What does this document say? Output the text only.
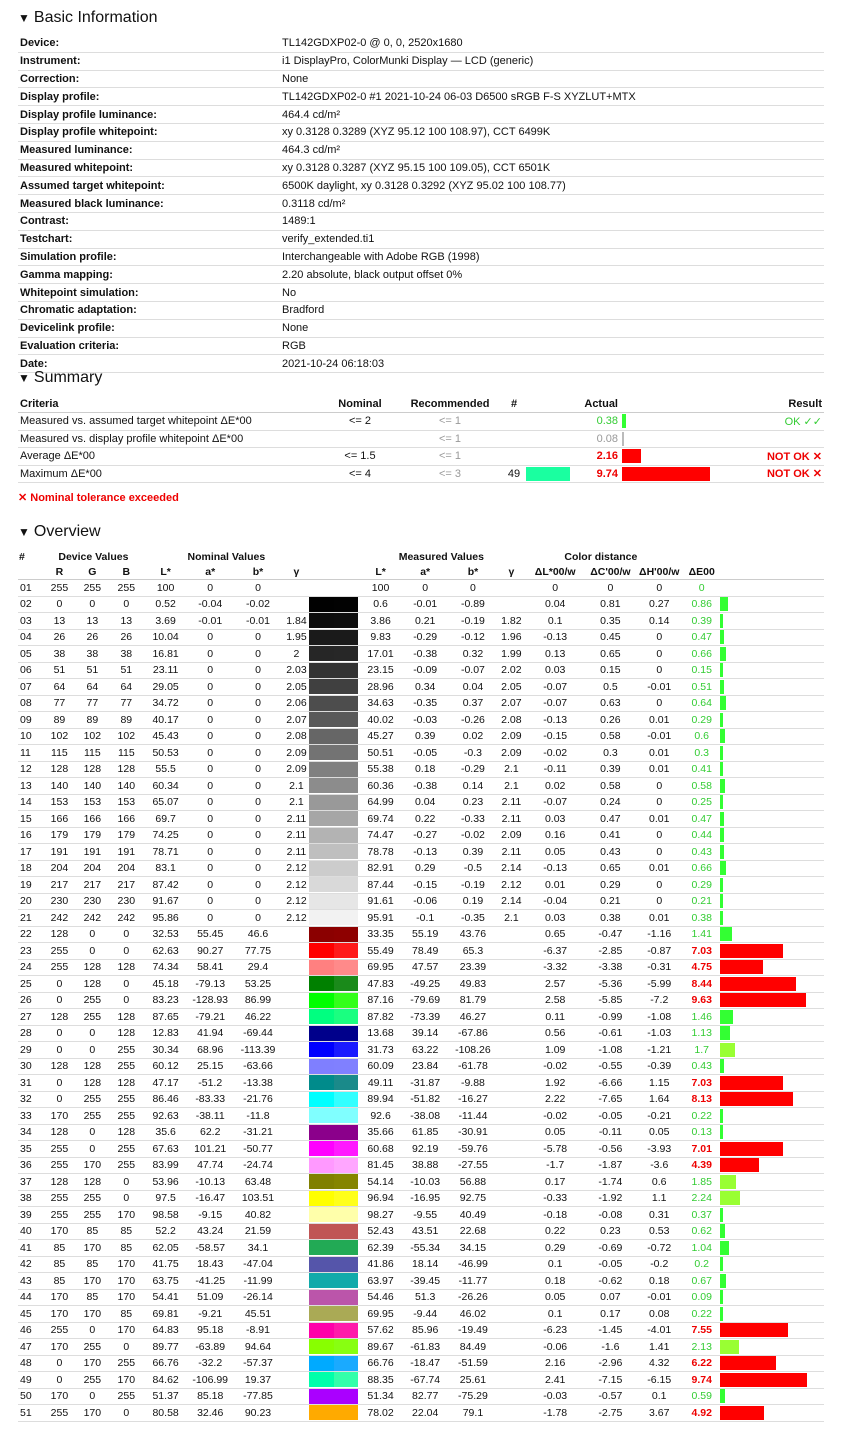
▼ Basic Information
Device:	TL142GDXP02-0 @ 0, 0, 2520x1680
Instrument:	i1 DisplayPro, ColorMunki Display — LCD (generic)
Correction:	None
Display profile:	TL142GDXP02-0 #1 2021-10-24 06-03 D6500 sRGB F-S XYZLUT+MTX
Display profile luminance:	464.4 cd/m²
Display profile whitepoint:	xy 0.3128 0.3289 (XYZ 95.12 100 108.97), CCT 6499K
Measured luminance:	464.3 cd/m²
Measured whitepoint:	xy 0.3128 0.3287 (XYZ 95.15 100 109.05), CCT 6501K
Assumed target whitepoint:	6500K daylight, xy 0.3128 0.3292 (XYZ 95.02 100 108.77)
Measured black luminance:	0.3118 cd/m²
Contrast:	1489:1
Testchart:	verify_extended.ti1
Simulation profile:	Interchangeable with Adobe RGB (1998)
Gamma mapping:	2.20 absolute, black output offset 0%
Whitepoint simulation:	No
Chromatic adaptation:	Bradford
Devicelink profile:	None
Evaluation criteria:	RGB
Date:	2021-10-24 06:18:03
▼ Summary
Criteria	Nominal	Recommended	#		Actual		Result
Measured vs. assumed target whitepoint ΔE*00	<= 2	<= 1			0.38		OK ✓✓
Measured vs. display profile whitepoint ΔE*00		<= 1			0.08		
Average ΔE*00	<= 1.5	<= 1			2.16		NOT OK ✕
Maximum ΔE*00	<= 4	<= 3	49		9.74		NOT OK ✕
✕ Nominal tolerance exceeded
▼ Overview
#	Device Values			Nominal Values					Measured Values				Color distance				
	R	G	B	L*	a*	b*	γ		L*	a*	b*	γ	ΔL*00/w	ΔC'00/w	ΔH'00/w	ΔE00	
01	255	255	255	100	0	0			100	0	0		0	0	0	0	
02	0	0	0	0.52	-0.04	-0.02			0.6	-0.01	-0.89		0.04	0.81	0.27	0.86	
03	13	13	13	3.69	-0.01	-0.01	1.84		3.86	0.21	-0.19	1.82	0.1	0.35	0.14	0.39	
04	26	26	26	10.04	0	0	1.95		9.83	-0.29	-0.12	1.96	-0.13	0.45	0	0.47	
05	38	38	38	16.81	0	0	2		17.01	-0.38	0.32	1.99	0.13	0.65	0	0.66	
06	51	51	51	23.11	0	0	2.03		23.15	-0.09	-0.07	2.02	0.03	0.15	0	0.15	
07	64	64	64	29.05	0	0	2.05		28.96	0.34	0.04	2.05	-0.07	0.5	-0.01	0.51	
08	77	77	77	34.72	0	0	2.06		34.63	-0.35	0.37	2.07	-0.07	0.63	0	0.64	
09	89	89	89	40.17	0	0	2.07		40.02	-0.03	-0.26	2.08	-0.13	0.26	0.01	0.29	
10	102	102	102	45.43	0	0	2.08		45.27	0.39	0.02	2.09	-0.15	0.58	-0.01	0.6	
11	115	115	115	50.53	0	0	2.09		50.51	-0.05	-0.3	2.09	-0.02	0.3	0.01	0.3	
12	128	128	128	55.5	0	0	2.09		55.38	0.18	-0.29	2.1	-0.11	0.39	0.01	0.41	
13	140	140	140	60.34	0	0	2.1		60.36	-0.38	0.14	2.1	0.02	0.58	0	0.58	
14	153	153	153	65.07	0	0	2.1		64.99	0.04	0.23	2.11	-0.07	0.24	0	0.25	
15	166	166	166	69.7	0	0	2.11		69.74	0.22	-0.33	2.11	0.03	0.47	0.01	0.47	
16	179	179	179	74.25	0	0	2.11		74.47	-0.27	-0.02	2.09	0.16	0.41	0	0.44	
17	191	191	191	78.71	0	0	2.11		78.78	-0.13	0.39	2.11	0.05	0.43	0	0.43	
18	204	204	204	83.1	0	0	2.12		82.91	0.29	-0.5	2.14	-0.13	0.65	0.01	0.66	
19	217	217	217	87.42	0	0	2.12		87.44	-0.15	-0.19	2.12	0.01	0.29	0	0.29	
20	230	230	230	91.67	0	0	2.12		91.61	-0.06	0.19	2.14	-0.04	0.21	0	0.21	
21	242	242	242	95.86	0	0	2.12		95.91	-0.1	-0.35	2.1	0.03	0.38	0.01	0.38	
22	128	0	0	32.53	55.45	46.6			33.35	55.19	43.76		0.65	-0.47	-1.16	1.41	
23	255	0	0	62.63	90.27	77.75			55.49	78.49	65.3		-6.37	-2.85	-0.87	7.03	
24	255	128	128	74.34	58.41	29.4			69.95	47.57	23.39		-3.32	-3.38	-0.31	4.75	
25	0	128	0	45.18	-79.13	53.25			47.83	-49.25	49.83		2.57	-5.36	-5.99	8.44	
26	0	255	0	83.23	-128.93	86.99			87.16	-79.69	81.79		2.58	-5.85	-7.2	9.63	
27	128	255	128	87.65	-79.21	46.22			87.82	-73.39	46.27		0.11	-0.99	-1.08	1.46	
28	0	0	128	12.83	41.94	-69.44			13.68	39.14	-67.86		0.56	-0.61	-1.03	1.13	
29	0	0	255	30.34	68.96	-113.39			31.73	63.22	-108.26		1.09	-1.08	-1.21	1.7	
30	128	128	255	60.12	25.15	-63.66			60.09	23.84	-61.78		-0.02	-0.55	-0.39	0.43	
31	0	128	128	47.17	-51.2	-13.38			49.11	-31.87	-9.88		1.92	-6.66	1.15	7.03	
32	0	255	255	86.46	-83.33	-21.76			89.94	-51.82	-16.27		2.22	-7.65	1.64	8.13	
33	170	255	255	92.63	-38.11	-11.8			92.6	-38.08	-11.44		-0.02	-0.05	-0.21	0.22	
34	128	0	128	35.6	62.2	-31.21			35.66	61.85	-30.91		0.05	-0.11	0.05	0.13	
35	255	0	255	67.63	101.21	-50.77			60.68	92.19	-59.76		-5.78	-0.56	-3.93	7.01	
36	255	170	255	83.99	47.74	-24.74			81.45	38.88	-27.55		-1.7	-1.87	-3.6	4.39	
37	128	128	0	53.96	-10.13	63.48			54.14	-10.03	56.88		0.17	-1.74	0.6	1.85	
38	255	255	0	97.5	-16.47	103.51			96.94	-16.95	92.75		-0.33	-1.92	1.1	2.24	
39	255	255	170	98.58	-9.15	40.82			98.27	-9.55	40.49		-0.18	-0.08	0.31	0.37	
40	170	85	85	52.2	43.24	21.59			52.43	43.51	22.68		0.22	0.23	0.53	0.62	
41	85	170	85	62.05	-58.57	34.1			62.39	-55.34	34.15		0.29	-0.69	-0.72	1.04	
42	85	85	170	41.75	18.43	-47.04			41.86	18.14	-46.99		0.1	-0.05	-0.2	0.2	
43	85	170	170	63.75	-41.25	-11.99			63.97	-39.45	-11.77		0.18	-0.62	0.18	0.67	
44	170	85	170	54.41	51.09	-26.14			54.46	51.3	-26.26		0.05	0.07	-0.01	0.09	
45	170	170	85	69.81	-9.21	45.51			69.95	-9.44	46.02		0.1	0.17	0.08	0.22	
46	255	0	170	64.83	95.18	-8.91			57.62	85.96	-19.49		-6.23	-1.45	-4.01	7.55	
47	170	255	0	89.77	-63.89	94.64			89.67	-61.83	84.49		-0.06	-1.6	1.41	2.13	
48	0	170	255	66.76	-32.2	-57.37			66.76	-18.47	-51.59		2.16	-2.96	4.32	6.22	
49	0	255	170	84.62	-106.99	19.37			88.35	-67.74	25.61		2.41	-7.15	-6.15	9.74	
50	170	0	255	51.37	85.18	-77.85			51.34	82.77	-75.29		-0.03	-0.57	0.1	0.59	
51	255	170	0	80.58	32.46	90.23			78.02	22.04	79.1		-1.78	-2.75	3.67	4.92	
